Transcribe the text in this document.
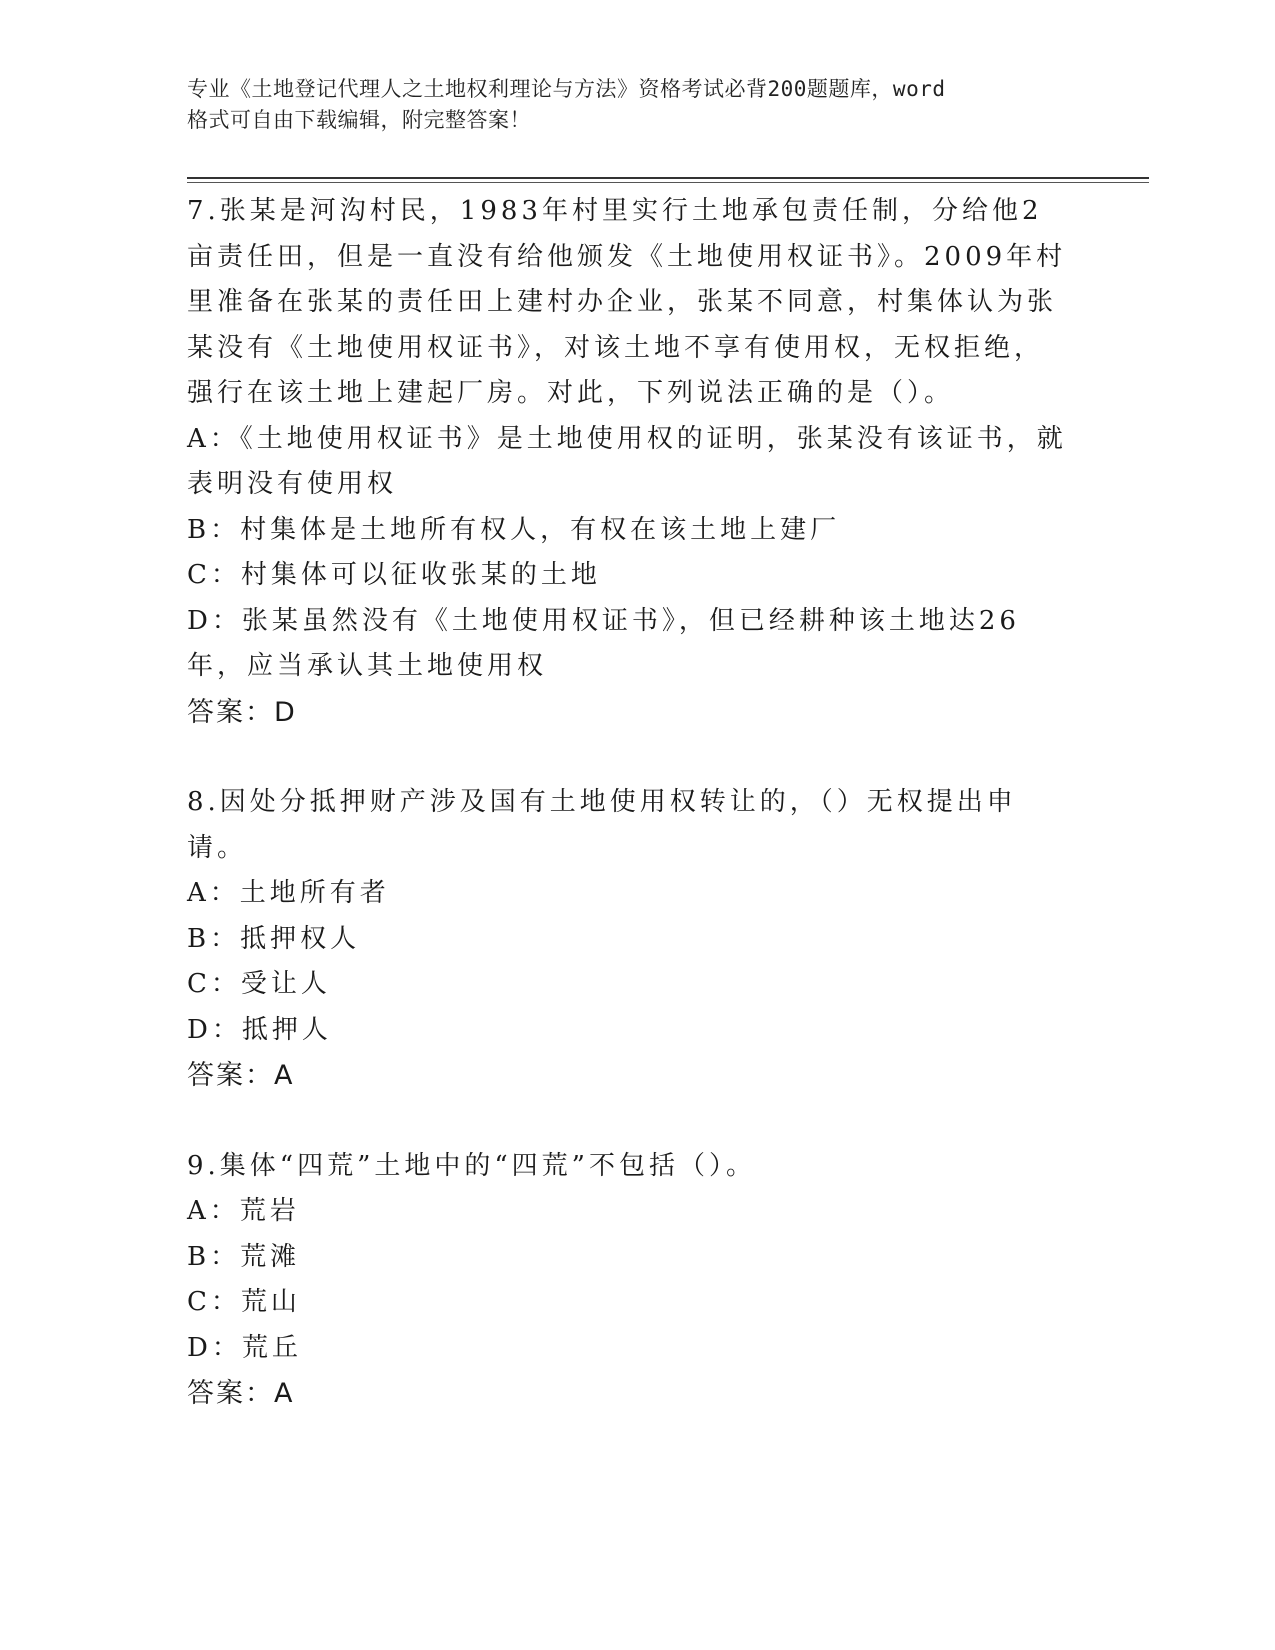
专业《土地登记代理人之土地权利理论与方法》资格考试必背200题题库，word
格式可自由下载编辑，附完整答案！

7.张某是河沟村民，1983年村里实行土地承包责任制，分给他2亩责任田，但是一直没有给他颁发《土地使用权证书》。2009年村里准备在张某的责任田上建村办企业，张某不同意，村集体认为张某没有《土地使用权证书》，对该土地不享有使用权，无权拒绝，强行在该土地上建起厂房。对此，下列说法正确的是（）。

A：《土地使用权证书》是土地使用权的证明，张某没有该证书，就表明没有使用权

B：村集体是土地所有权人，有权在该土地上建厂

C：村集体可以征收张某的土地

D：张某虽然没有《土地使用权证书》，但已经耕种该土地达26年，应当承认其土地使用权

答案：D

8.因处分抵押财产涉及国有土地使用权转让的，（）无权提出申请。

A：土地所有者

B：抵押权人

C：受让人

D：抵押人

答案：A

9.集体“四荒”土地中的“四荒”不包括（）。

A：荒岩

B：荒滩

C：荒山

D：荒丘

答案：A
